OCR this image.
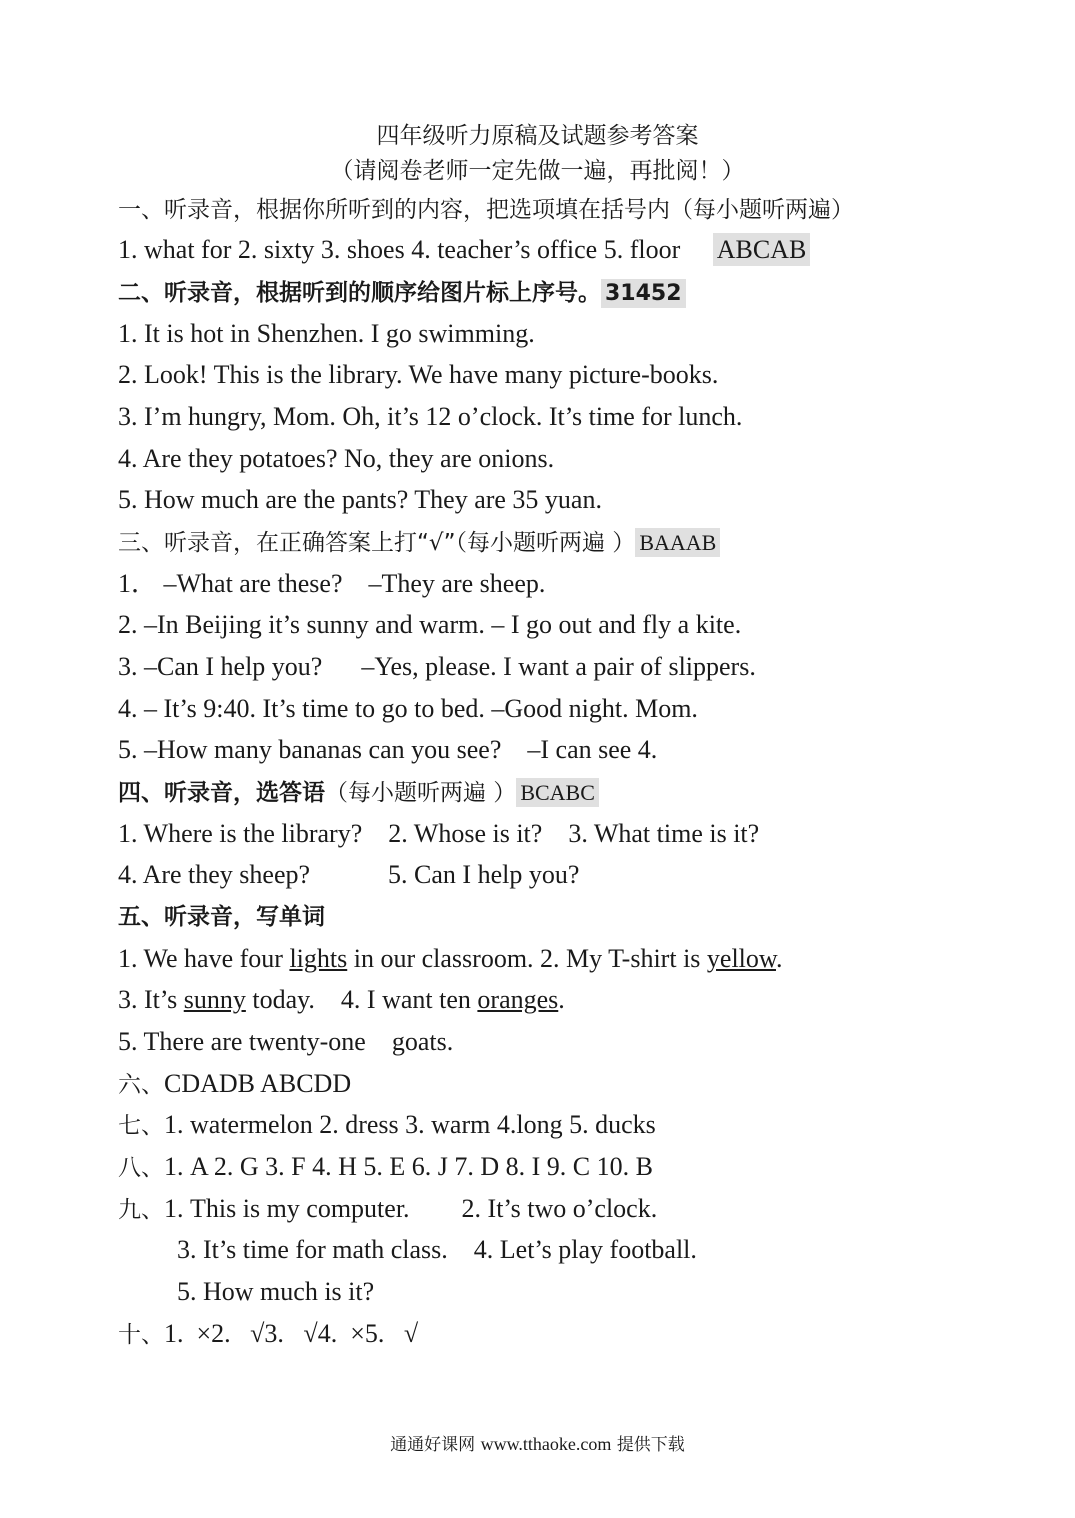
四年级听力原稿及试题参考答案
（请阅卷老师一定先做一遍，再批阅！）
一、听录音，根据你所听到的内容，把选项填在括号内（每小题听两遍）
1. what for 2. sixty 3. shoes 4. teacher’s office 5. floor ABCAB
二、听录音，根据听到的顺序给图片标上序号。 31452
1. It is hot in Shenzhen. I go swimming.
2. Look! This is the library. We have many picture-books.
3. I’m hungry, Mom. Oh, it’s 12 o’clock. It’s time for lunch.
4. Are they potatoes? No, they are onions.
5. How much are the pants? They are 35 yuan.
三、听录音，在正确答案上打“√”（每小题听两遍 ） BAAAB
1． –What are these?    –They are sheep.
2. –In Beijing it’s sunny and warm. – I go out and fly a kite.
3. –Can I help you?      –Yes, please. I want a pair of slippers.
4. – It’s 9:40. It’s time to go to bed. –Good night. Mom.
5. –How many bananas can you see?    –I can see 4.
四、听录音，选答语（每小题听两遍 ） BCABC
1. Where is the library?    2. Whose is it?    3. What time is it?
4. Are they sheep?            5. Can I help you?
五、听录音，写单词
1. We have four lights in our classroom. 2. My T-shirt is yellow.
3. It’s sunny today.    4. I want ten oranges.
5. There are twenty-one    goats.
六、CDADB ABCDD
七、1. watermelon 2. dress 3. warm 4.long 5. ducks
八、1. A 2. G 3. F 4. H 5. E 6. J 7. D 8. I 9. C 10. B
九、1. This is my computer.        2. It’s two o’clock.
3. It’s time for math class.    4. Let’s play football.
5. How much is it?
十、1.  ×2.   √3.   √4.  ×5.   √
通通好课网 www.tthaoke.com 提供下载
